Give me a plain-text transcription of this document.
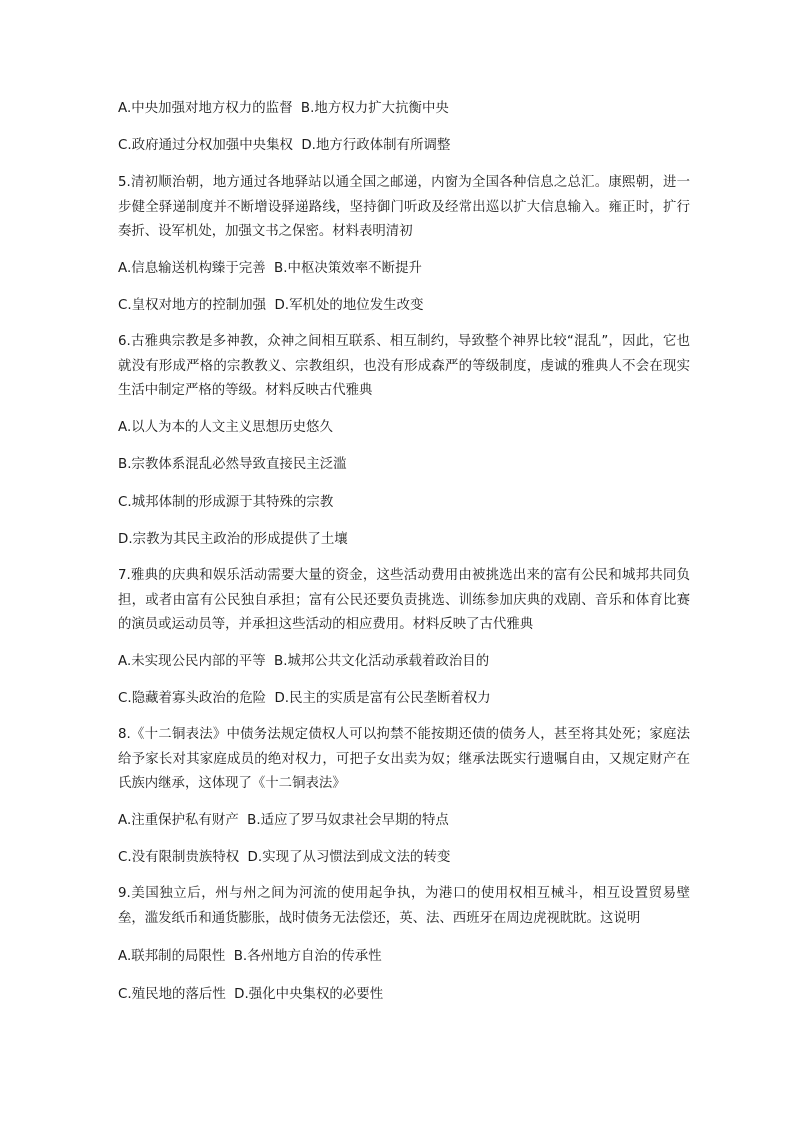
A.中央加强对地方权力的监督 B.地方权力扩大抗衡中央
C.政府通过分权加强中央集权 D.地方行政体制有所调整
5.清初顺治朝，地方通过各地驿站以通全国之邮递，内窗为全国各种信息之总汇。康熙朝，进一步健全驿递制度并不断增设驿递路线，坚持御门听政及经常出巡以扩大信息输入。雍正时，扩行奏折、设军机处，加强文书之保密。材料表明清初
A.信息输送机构臻于完善 B.中枢决策效率不断提升
C.皇权对地方的控制加强 D.军机处的地位发生改变
6.古雅典宗教是多神教，众神之间相互联系、相互制约，导致整个神界比较“混乱”，因此，它也就没有形成严格的宗教教义、宗教组织，也没有形成森严的等级制度，虔诚的雅典人不会在现实生活中制定严格的等级。材料反映古代雅典
A.以人为本的人文主义思想历史悠久
B.宗教体系混乱必然导致直接民主泛滥
C.城邦体制的形成源于其特殊的宗教
D.宗教为其民主政治的形成提供了土壤
7.雅典的庆典和娱乐活动需要大量的资金，这些活动费用由被挑选出来的富有公民和城邦共同负担，或者由富有公民独自承担；富有公民还要负责挑选、训练参加庆典的戏剧、音乐和体育比赛的演员或运动员等，并承担这些活动的相应费用。材料反映了古代雅典
A.未实现公民内部的平等 B.城邦公共文化活动承载着政治目的
C.隐藏着寡头政治的危险 D.民主的实质是富有公民垄断着权力
8.《十二铜表法》中债务法规定债权人可以拘禁不能按期还债的债务人，甚至将其处死；家庭法给予家长对其家庭成员的绝对权力，可把子女出卖为奴；继承法既实行遗嘱自由，又规定财产在氏族内继承，这体现了《十二铜表法》
A.注重保护私有财产 B.适应了罗马奴隶社会早期的特点
C.没有限制贵族特权 D.实现了从习惯法到成文法的转变
9.美国独立后，州与州之间为河流的使用起争执，为港口的使用权相互械斗，相互设置贸易壁垒，滥发纸币和通货膨胀，战时债务无法偿还，英、法、西班牙在周边虎视眈眈。这说明
A.联邦制的局限性 B.各州地方自治的传承性
C.殖民地的落后性 D.强化中央集权的必要性
